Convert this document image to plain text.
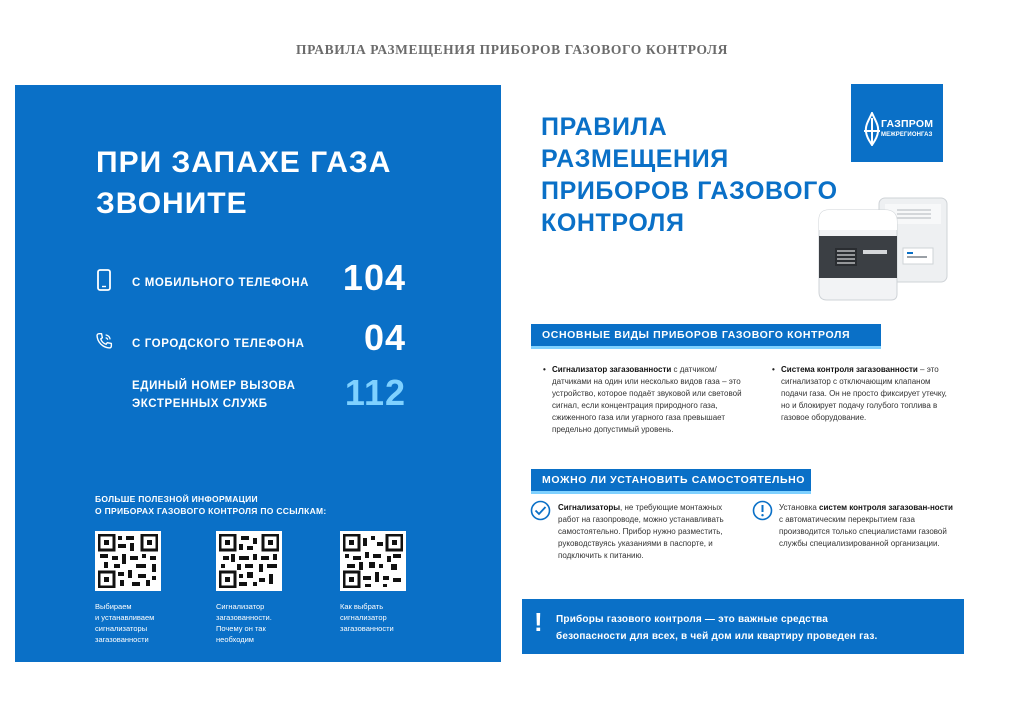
ПРАВИЛА РАЗМЕЩЕНИЯ ПРИБОРОВ ГАЗОВОГО КОНТРОЛЯ
ПРИ ЗАПАХЕ ГАЗА
ЗВОНИТЕ
С МОБИЛЬНОГО ТЕЛЕФОНА 104
С ГОРОДСКОГО ТЕЛЕФОНА 04
ЕДИНЫЙ НОМЕР ВЫЗОВА
ЭКСТРЕННЫХ СЛУЖБ	112

БОЛЬШЕ ПОЛЕЗНОЙ ИНФОРМАЦИИ
О ПРИБОРАХ ГАЗОВОГО КОНТРОЛЯ ПО ССЫЛКАМ:

Выбираем
и устанавливаем
сигнализаторы
загазованности
Сигнализатор
загазованности.
Почему он так
необходим
Как выбрать
сигнализатор
загазованности
ПРАВИЛА
РАЗМЕЩЕНИЯ
ПРИБОРОВ ГАЗОВОГО
КОНТРОЛЯ
ГАЗПРОМ
МЕЖРЕГИОНГАЗ
ОСНОВНЫЕ ВИДЫ ПРИБОРОВ ГАЗОВОГО КОНТРОЛЯ
• Сигнализатор загазованности с датчиком/ датчиками на один или несколько видов газа – это устройство, которое подаёт звуковой или световой сигнал, если концентрация природного газа, сжиженного газа или угарного газа превышает предельно допустимый уровень.
• Система контроля загазованности – это сигнализатор с отключающим клапаном подачи газа. Он не просто фиксирует утечку, но и блокирует подачу голубого топлива в газовое оборудование.
МОЖНО ЛИ УСТАНОВИТЬ САМОСТОЯТЕЛЬНО
Сигнализаторы, не требующие монтажных работ на газопроводе, можно устанавливать самостоятельно. Прибор нужно разместить, руководствуясь указаниями в паспорте, и подключить к питанию.
Установка систем контроля загазован-ности с автоматическим перекрытием газа производится только специалистами газовой службы специализированной организации.
! Приборы газового контроля — это важные средства
безопасности для всех, в чей дом или квартиру проведен газ.
